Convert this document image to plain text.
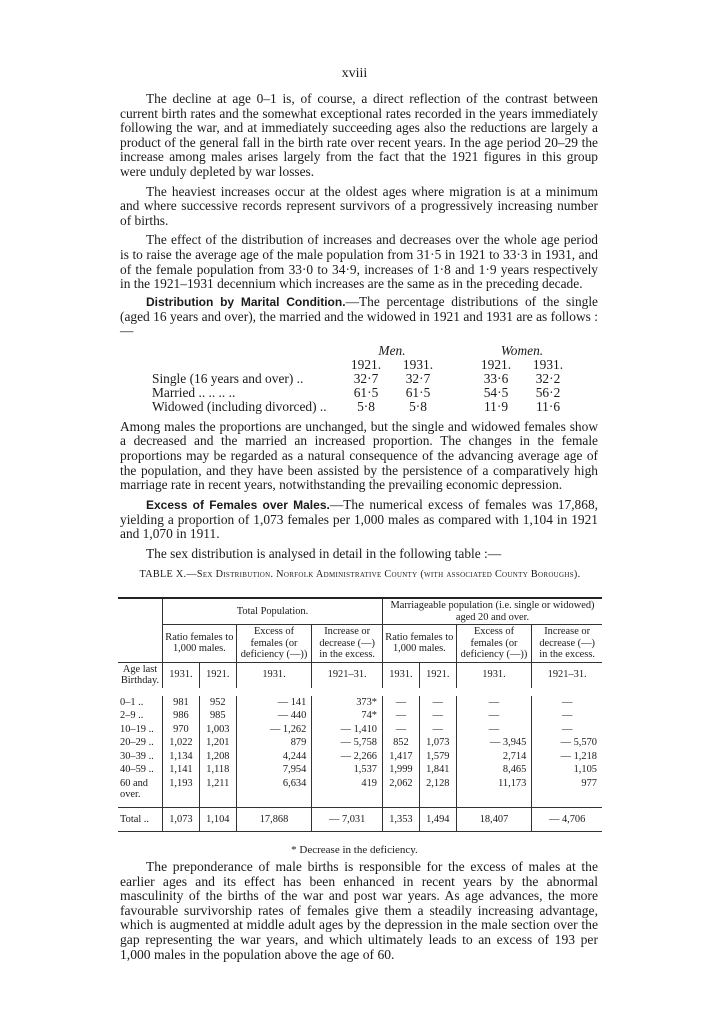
xviii

The decline at age 0–1 is, of course, a direct reflection of the contrast between current birth rates and the somewhat exceptional rates recorded in the years immediately following the war, and at immediately succeeding ages also the reductions are largely a product of the general fall in the birth rate over recent years. In the age period 20–29 the increase among males arises largely from the fact that the 1921 figures in this group were unduly depleted by war losses.

The heaviest increases occur at the oldest ages where migration is at a minimum and where successive records represent survivors of a progressively increasing number of births.

The effect of the distribution of increases and decreases over the whole age period is to raise the average age of the male population from 31·5 in 1921 to 33·3 in 1931, and of the female population from 33·0 to 34·9, increases of 1·8 and 1·9 years respectively in the 1921–1931 decennium which increases are the same as in the preceding decade.

Distribution by Marital Condition.—The percentage distributions of the single (aged 16 years and over), the married and the widowed in 1921 and 1931 are as follows :—

	Men.			Women.	
	1921.	1931.		1921.	1931.
Single (16 years and over) ..	32·7	32·7		33·6	32·2
Married .. .. .. ..	61·5	61·5		54·5	56·2
Widowed (including divorced) ..	5·8	5·8		11·9	11·6

Among males the proportions are unchanged, but the single and widowed females show a decreased and the married an increased proportion. The changes in the female proportions may be regarded as a natural consequence of the advancing average age of the population, and they have been assisted by the persistence of a comparatively high marriage rate in recent years, notwithstanding the prevailing economic depression.

Excess of Females over Males.—The numerical excess of females was 17,868, yielding a proportion of 1,073 females per 1,000 males as compared with 1,104 in 1921 and 1,070 in 1911.

The sex distribution is analysed in detail in the following table :—

TABLE X.—Sex Distribution. Norfolk Administrative County (with associated County Boroughs).
	Total Population.				Marriageable population (i.e. single or widowed) aged 20 and over.			
	Ratio females to 1,000 males.		Excess of females (or deficiency (—))	Increase or decrease (—) in the excess.	Ratio females to 1,000 males.		Excess of females (or deficiency (—))	Increase or decrease (—) in the excess.
Age last Birthday.	1931.	1921.	1931.	1921–31.	1931.	1921.	1931.	1921–31.

0–1 ..	981	952	— 141	373*	—	—	—	—
2–9 ..	986	985	— 440	74*	—	—	—	—
10–19 ..	970	1,003	— 1,262	— 1,410	—	—	—	—
20–29 ..	1,022	1,201	879	— 5,758	852	1,073	— 3,945	— 5,570
30–39 ..	1,134	1,208	4,244	— 2,266	1,417	1,579	2,714	— 1,218
40–59 ..	1,141	1,118	7,954	1,537	1,999	1,841	8,465	1,105
60 and over.	1,193	1,211	6,634	419	2,062	2,128	11,173	977
Total ..	1,073	1,104	17,868	— 7,031	1,353	1,494	18,407	— 4,706
* Decrease in the deficiency.

The preponderance of male births is responsible for the excess of males at the earlier ages and its effect has been enhanced in recent years by the abnormal masculinity of the births of the war and post war years. As age advances, the more favourable survivorship rates of females give them a steadily increasing advantage, which is augmented at middle adult ages by the depression in the male section over the gap representing the war years, and which ultimately leads to an excess of 193 per 1,000 males in the population above the age of 60.
